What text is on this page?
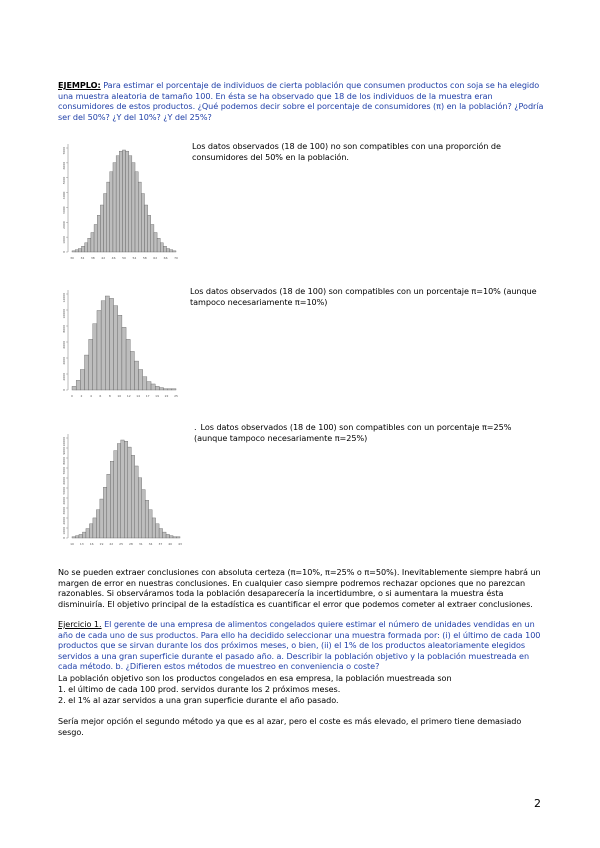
EJEMPLO: Para estimar el porcentaje de individuos de cierta población que consumen productos con soja se ha elegido una muestra aleatoria de tamaño 100. En ésta se ha observado que 18 de los individuos de la muestra eran consumidores de estos productos. ¿Qué podemos decir sobre el porcentaje de consumidores (π) en la población? ¿Podría ser del 50%? ¿Y del 10%? ¿Y del 25%?
0
1000
2000
3000
4000
5000
6000
7000
30 34 38 42 46 50 54 58 62 66 70
Los datos observados (18 de 100) no son compatibles con una proporción de consumidores del 50% en la población.
0
2000
4000
6000
8000
10000
12000
0	2	4	6	8 10 12 14 17 19 22 25
Los datos observados (18 de 100) son compatibles con un porcentaje π=10% (aunque tampoco necesariamente π=10%)
0
1000
2000
3000
4000
5000
6000
7000
8000
9000
10000
10 13 16 19 22 25 28 31 34 37 40 43
. Los datos observados (18 de 100) son compatibles con un porcentaje π=25% (aunque tampoco necesariamente π=25%)
No se pueden extraer conclusiones con absoluta certeza (π=10%, π=25% o π=50%). Inevitablemente siempre habrá un margen de error en nuestras conclusiones. En cualquier caso siempre podremos rechazar opciones que no parezcan razonables. Si observáramos toda la población desaparecería la incertidumbre, o si aumentara la muestra ésta disminuiría. El objetivo principal de la estadística es cuantificar el error que podemos cometer al extraer conclusiones.
Ejercicio 1. El gerente de una empresa de alimentos congelados quiere estimar el número de unidades vendidas en un año de cada uno de sus productos. Para ello ha decidido seleccionar una muestra formada por: (i) el último de cada 100 productos que se sirvan durante los dos próximos meses, o bien, (ii) el 1% de los productos aleatoriamente elegidos servidos a una gran superficie durante el pasado año. a. Describir la población objetivo y la población muestreada en cada método. b. ¿Difieren estos métodos de muestreo en conveniencia o coste?
La población objetivo son los productos congelados en esa empresa, la población muestreada son
1. el último de cada 100 prod. servidos durante los 2 próximos meses.
2. el 1% al azar servidos a una gran superficie durante el año pasado.
Sería mejor opción el segundo método ya que es al azar, pero el coste es más elevado, el primero tiene demasiado sesgo.
2
